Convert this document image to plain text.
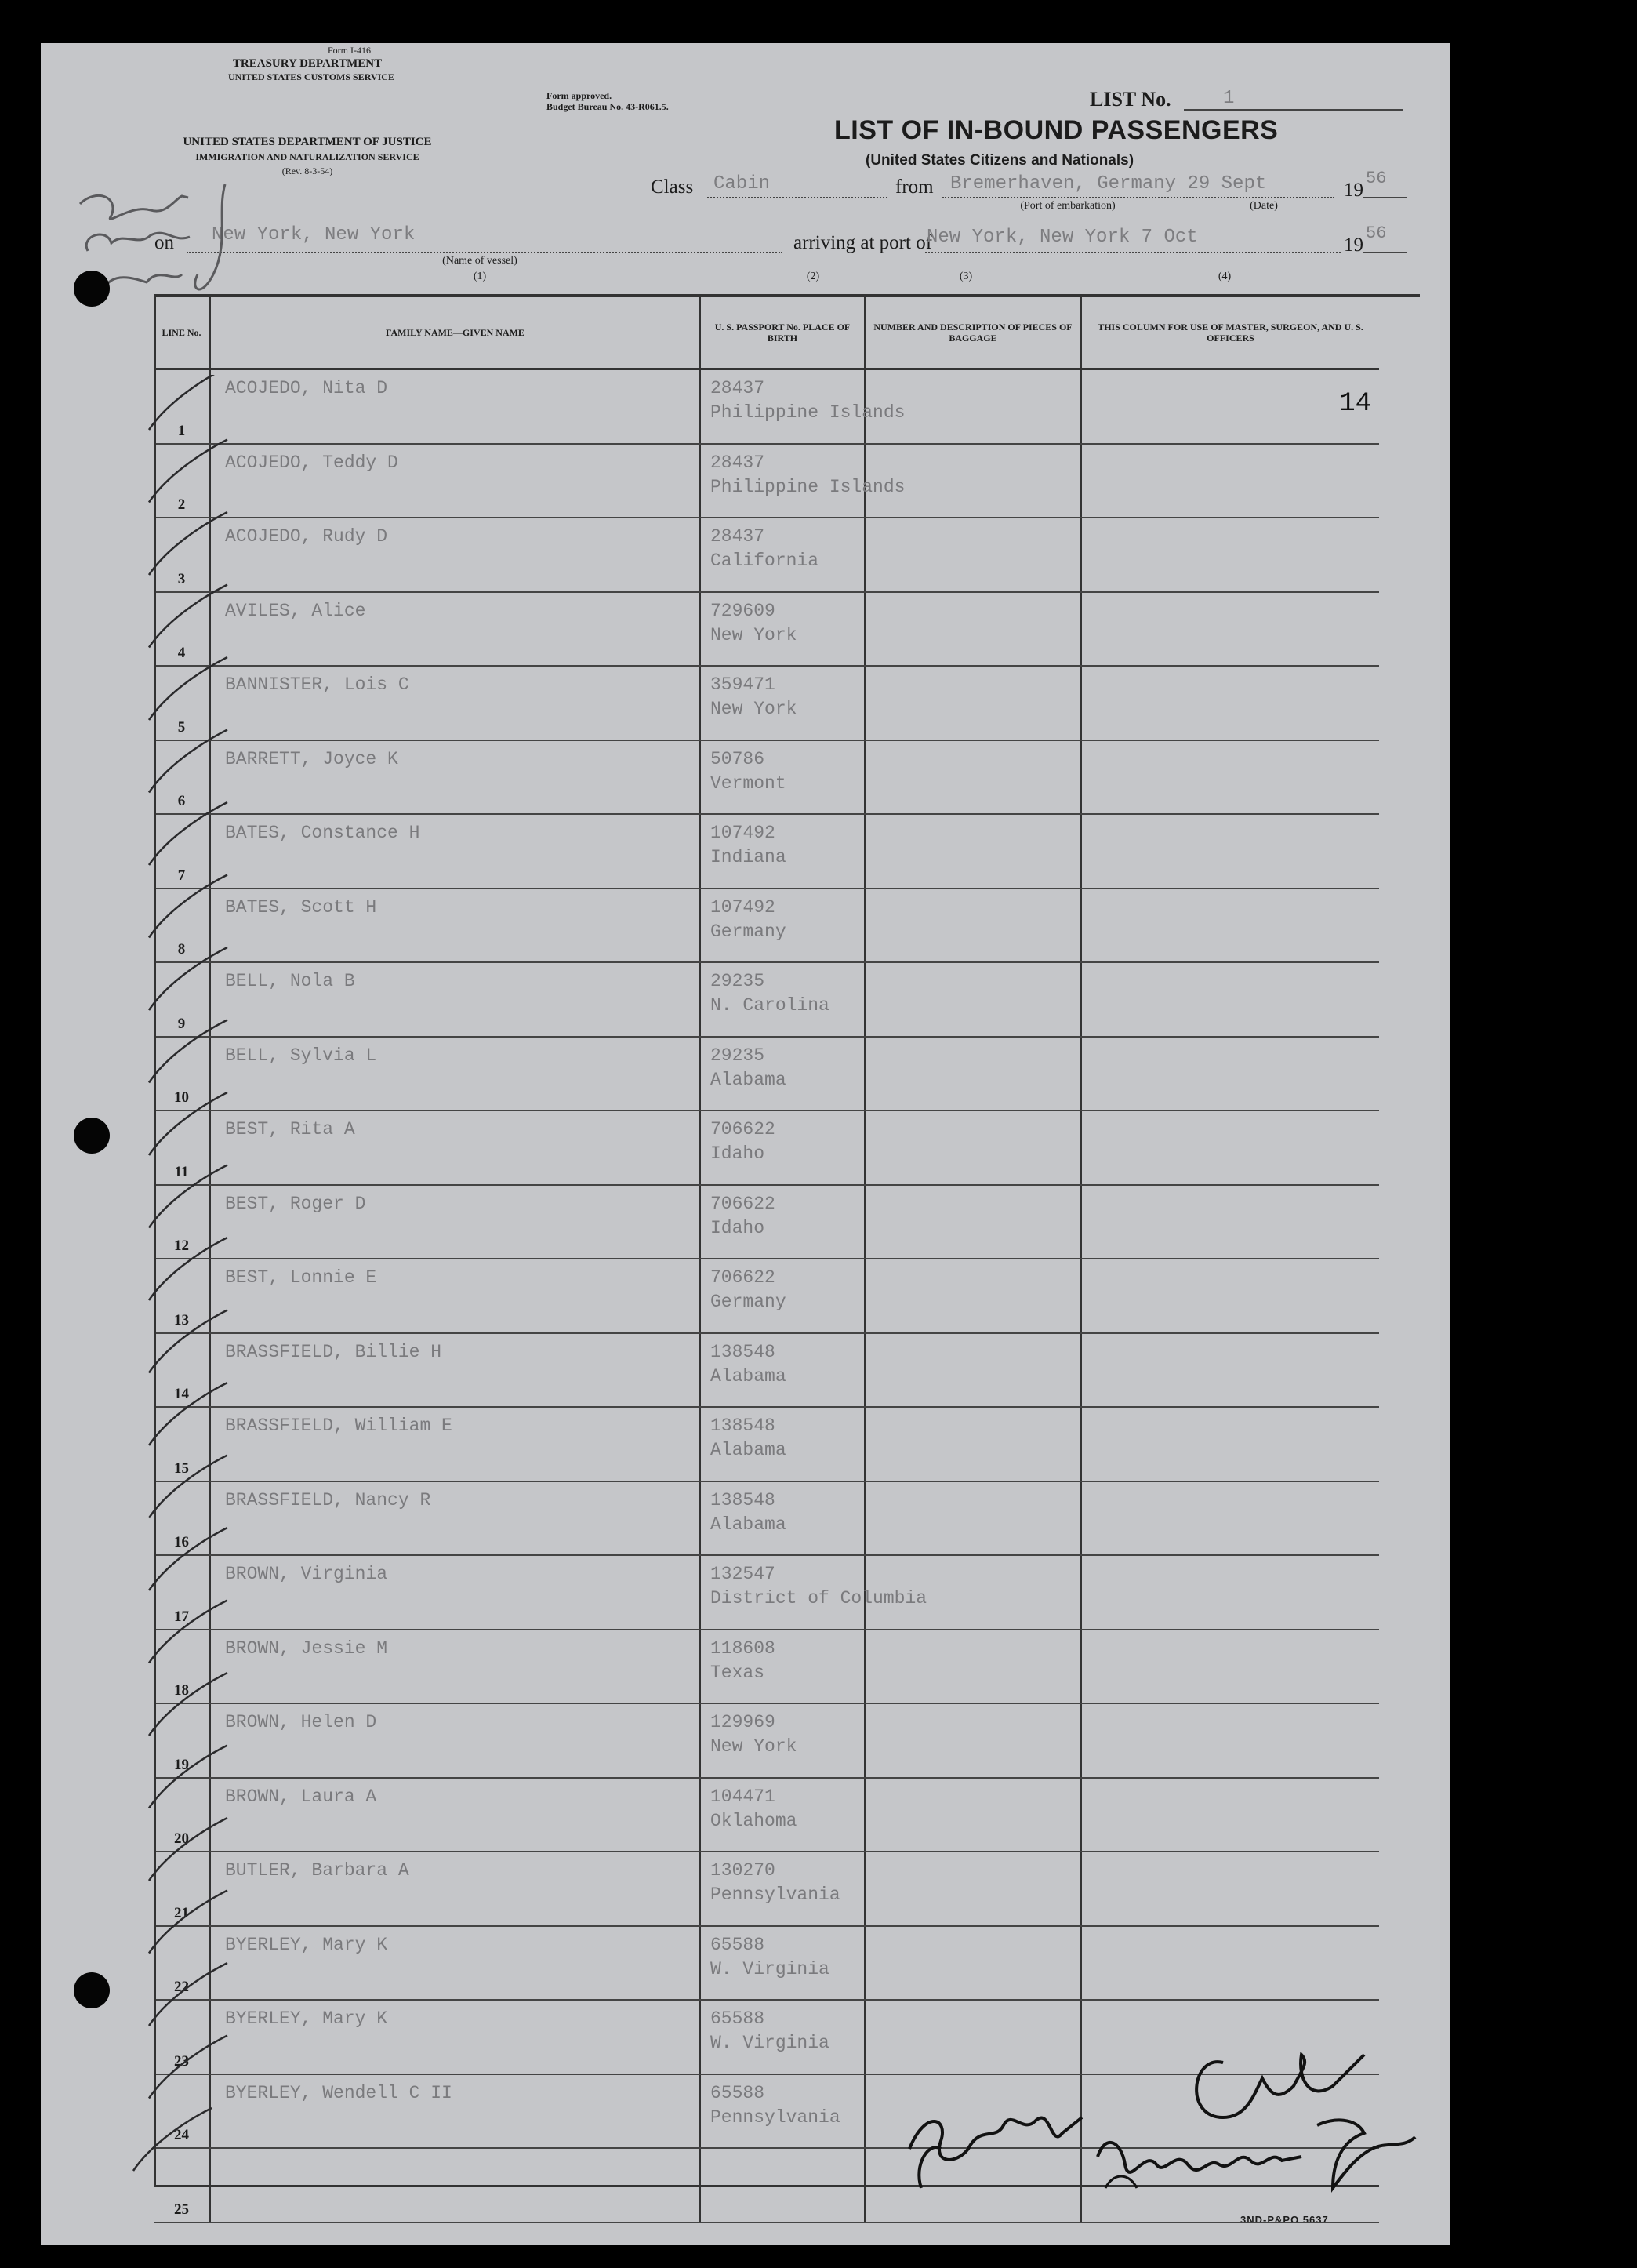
Form I-416
TREASURY DEPARTMENT
UNITED STATES CUSTOMS SERVICE
UNITED STATES DEPARTMENT OF JUSTICE
IMMIGRATION AND NATURALIZATION SERVICE
(Rev. 8-3-54)
Form approved.
Budget Bureau No. 43-R061.5.	LIST No.	1
LIST OF IN-BOUND PASSENGERS
(United States Citizens and Nationals)
Class Cabin	from Bremerhaven, Germany 29 Sept	19
56
(Port of embarkation)	(Date)
on New York, New York	arriving at port of
New York, New York 7 Oct	19
56
(Name of vessel)
(1)	(2)	(3)	(4)
3ND-P&PO 5637
LINE No.	FAMILY NAME—GIVEN NAME	U. S. PASSPORT No. PLACE OF BIRTH	NUMBER AND DESCRIPTION OF PIECES OF BAGGAGE	THIS COLUMN FOR USE OF MASTER, SURGEON, AND U. S. OFFICERS

1	ACOJEDO, Nita D	28437
Philippine Islands		14

2	ACOJEDO, Teddy D	28437
Philippine Islands		

3	ACOJEDO, Rudy D	28437
California		

4	AVILES, Alice	729609
New York		

5	BANNISTER, Lois C	359471
New York		

6	BARRETT, Joyce K	50786
Vermont		

7	BATES, Constance H	107492
Indiana		

8	BATES, Scott H	107492
Germany		

9	BELL, Nola B	29235
N. Carolina		

10	BELL, Sylvia L	29235
Alabama		

11	BEST, Rita A	706622
Idaho		

12	BEST, Roger D	706622
Idaho		

13	BEST, Lonnie E	706622
Germany		

14	BRASSFIELD, Billie H	138548
Alabama		

15	BRASSFIELD, William E	138548
Alabama		

16	BRASSFIELD, Nancy R	138548
Alabama		

17	BROWN, Virginia	132547
District of Columbia		

18	BROWN, Jessie M	118608
Texas		

19	BROWN, Helen D	129969
New York		

20	BROWN, Laura A	104471
Oklahoma		

21	BUTLER, Barbara A	130270
Pennsylvania		

22	BYERLEY, Mary K	65588
W. Virginia		

23	BYERLEY, Mary K	65588
W. Virginia		

24	BYERLEY, Wendell C II	65588
Pennsylvania		

25				
